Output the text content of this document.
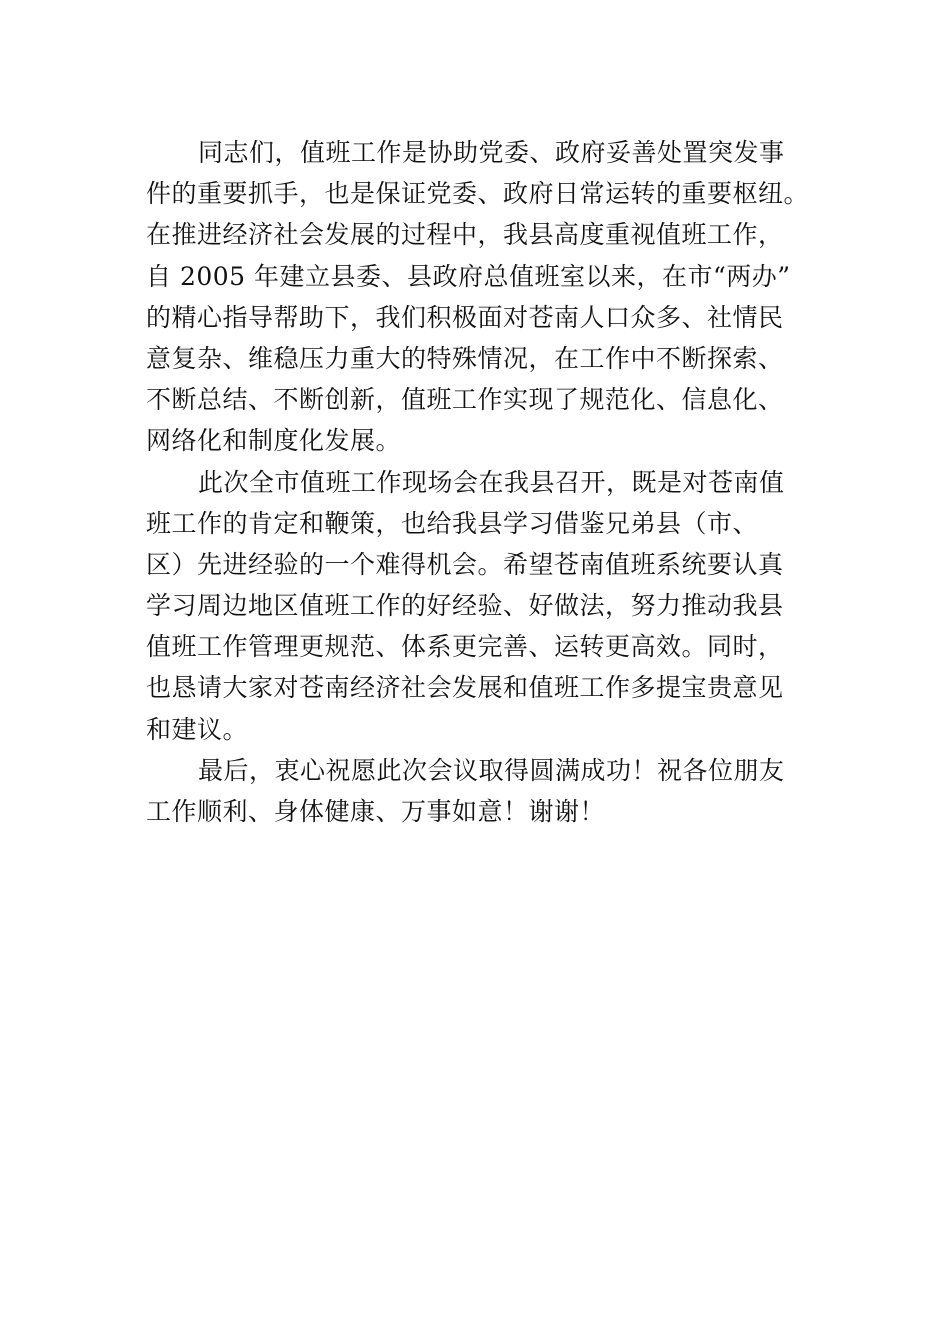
同志们，值班工作是协助党委、政府妥善处置突发事
件的重要抓手，也是保证党委、政府日常运转的重要枢纽。
在推进经济社会发展的过程中，我县高度重视值班工作，
自 2005 年建立县委、县政府总值班室以来，在市“两办”
的精心指导帮助下，我们积极面对苍南人口众多、社情民
意复杂、维稳压力重大的特殊情况，在工作中不断探索、
不断总结、不断创新，值班工作实现了规范化、信息化、
网络化和制度化发展。
此次全市值班工作现场会在我县召开，既是对苍南值
班工作的肯定和鞭策，也给我县学习借鉴兄弟县（市、
区）先进经验的一个难得机会。希望苍南值班系统要认真
学习周边地区值班工作的好经验、好做法，努力推动我县
值班工作管理更规范、体系更完善、运转更高效。同时，
也恳请大家对苍南经济社会发展和值班工作多提宝贵意见
和建议。
最后，衷心祝愿此次会议取得圆满成功！祝各位朋友
工作顺利、身体健康、万事如意！谢谢！
